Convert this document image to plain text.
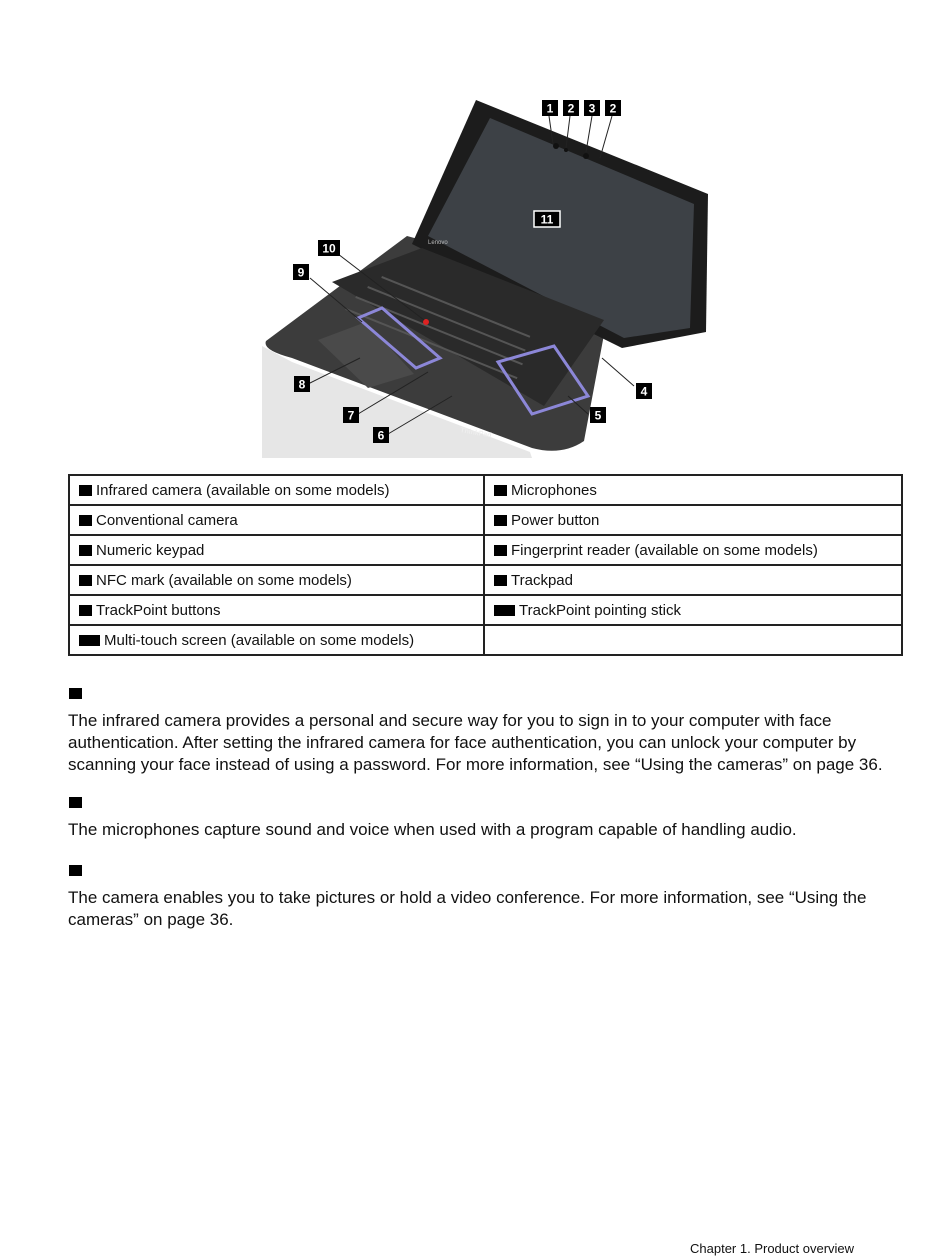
Lenovo
ThinkPad
1 2 3 2
11
10
9
8
7
6
5
4
Infrared camera (available on some models)	Microphones
Conventional camera	Power button
Numeric keypad	Fingerprint reader (available on some models)
NFC mark (available on some models)	Trackpad
TrackPoint buttons	TrackPoint pointing stick
Multi-touch screen (available on some models)	

The infrared camera provides a personal and secure way for you to sign in to your computer with face authentication. After setting the infrared camera for face authentication, you can unlock your computer by scanning your face instead of using a password. For more information, see “Using the cameras” on page 36.

The microphones capture sound and voice when used with a program capable of handling audio.

The camera enables you to take pictures or hold a video conference. For more information, see “Using the cameras” on page 36.

Chapter 1. Product overview
